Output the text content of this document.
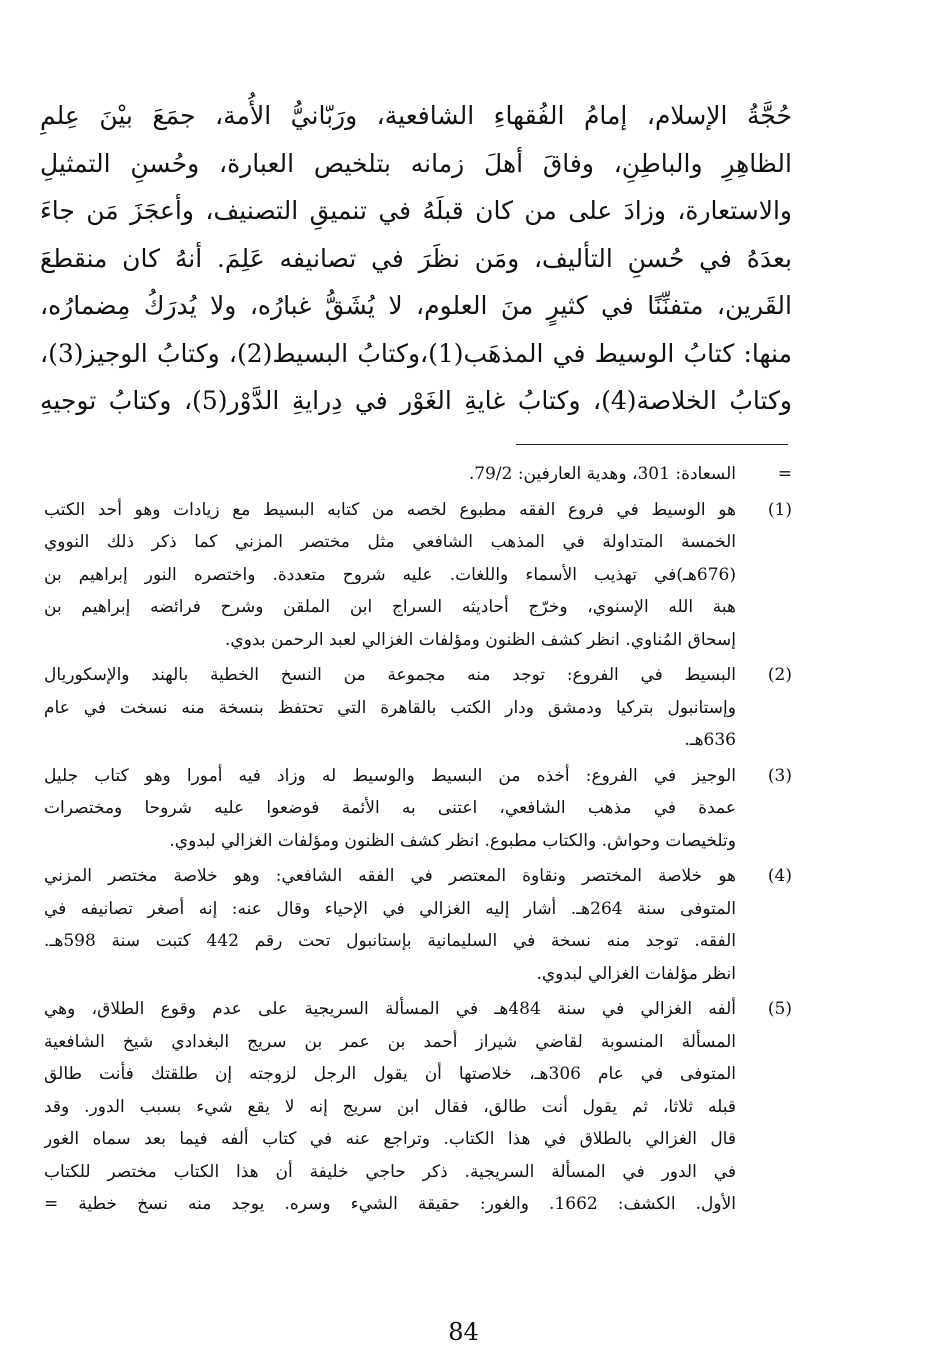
حُجَّةُ الإسلام، إمامُ الفُقهاءِ الشافعية، ورَبّانيُّ الأُمة، جمَعَ بيْنَ عِلمِ
الظاهِرِ والباطِنِ، وفاقَ أهلَ زمانه بتلخيص العبارة، وحُسنِ التمثيلِ
والاستعارة، وزادَ على من كان قبلَهُ في تنميقِ التصنيف، وأعجَزَ مَن جاءَ
بعدَهُ في حُسنِ التأليف، ومَن نظَرَ في تصانيفه عَلِمَ. أنهُ كان منقطعَ
القَرين، متفنِّنًا في كثيرٍ منَ العلوم، لا يُشَقُّ غبارُه، ولا يُدرَكُ مِضمارُه،
منها: كتابُ الوسيط في المذهَب(1)،وكتابُ البسيط(2)، وكتابُ الوجيز(3)،
وكتابُ الخلاصة(4)، وكتابُ غايةِ الغَوْر في دِرايةِ الدَّوْر(5)، وكتابُ توجيهِ
=
السعادة: 301، وهدية العارفين: 79/2.
(1)
هو الوسيط في فروع الفقه مطبوع لخصه من كتابه البسيط مع زيادات وهو أحد الكتب
الخمسة المتداولة في المذهب الشافعي مثل مختصر المزني كما ذكر ذلك النووي
(676هـ)في تهذيب الأسماء واللغات. عليه شروح متعددة. واختصره النور إبراهيم بن
هبة الله الإسنوي، وخرّج أحاديثه السراج ابن الملقن وشرح فرائضه إبراهيم بن
إسحاق المُناوي. انظر كشف الظنون ومؤلفات الغزالي لعبد الرحمن بدوي.
(2)
البسيط في الفروع: توجد منه مجموعة من النسخ الخطية بالهند والإسكوريال
وإستانبول بتركيا ودمشق ودار الكتب بالقاهرة التي تحتفظ بنسخة منه نسخت في عام
636هـ.
(3)
الوجيز في الفروع: أخذه من البسيط والوسيط له وزاد فيه أمورا وهو كتاب جليل
عمدة في مذهب الشافعي، اعتنى به الأئمة فوضعوا عليه شروحا ومختصرات
وتلخيصات وحواش. والكتاب مطبوع. انظر كشف الظنون ومؤلفات الغزالي لبدوي.
(4)
هو خلاصة المختصر ونقاوة المعتصر في الفقه الشافعي: وهو خلاصة مختصر المزني
المتوفى سنة 264هـ. أشار إليه الغزالي في الإحياء وقال عنه: إنه أصغر تصانيفه في
الفقه. توجد منه نسخة في السليمانية بإستانبول تحت رقم 442 كتبت سنة 598هـ.
انظر مؤلفات الغزالي لبدوي.
(5)
ألفه الغزالي في سنة 484هـ في المسألة السريجية على عدم وقوع الطلاق، وهي
المسألة المنسوبة لقاضي شيراز أحمد بن عمر بن سريج البغدادي شيخ الشافعية
المتوفى في عام 306هـ، خلاصتها أن يقول الرجل لزوجته إن طلقتك فأنت طالق
قبله ثلاثا، ثم يقول أنت طالق، فقال ابن سريج إنه لا يقع شيء بسبب الدور. وقد
قال الغزالي بالطلاق في هذا الكتاب. وتراجع عنه في كتاب ألفه فيما بعد سماه الغور
في الدور في المسألة السريجية. ذكر حاجي خليفة أن هذا الكتاب مختصر للكتاب
الأول. الكشف: 1662. والغور: حقيقة الشيء وسره. يوجد منه نسخ خطية =
84
